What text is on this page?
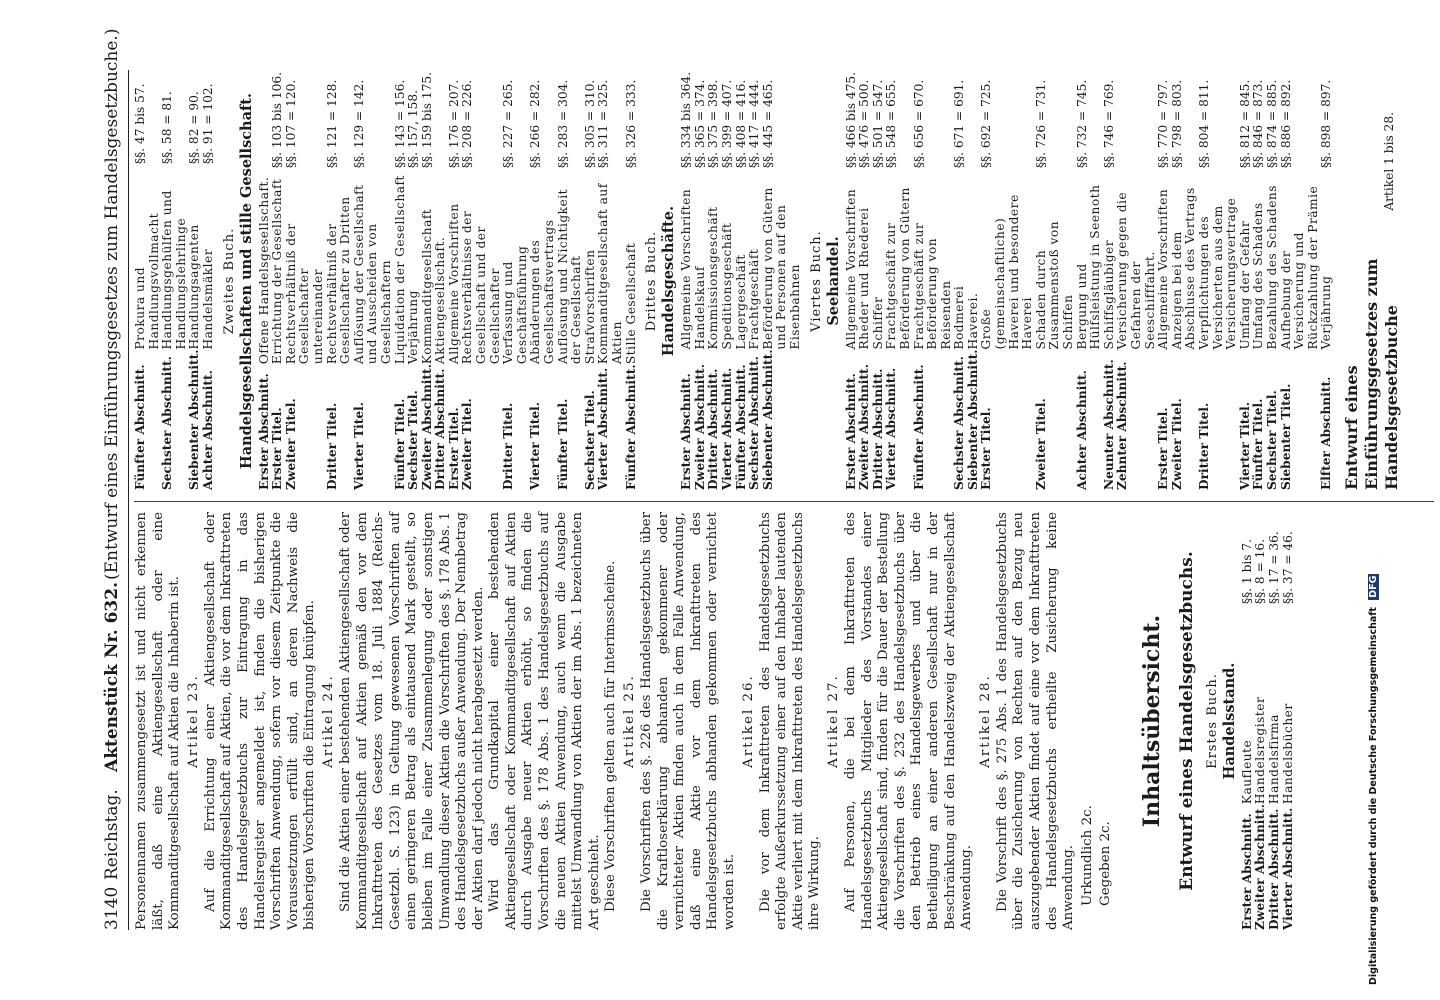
3140
Reichstag.
Aktenstück Nr. 632.
(Entwurf eines Einführungsgesetzes zum Handelsgesetzbuche.)

Personennamen zusammengesetzt ist und nicht erkennen läßt, daß eine Aktiengesellschaft oder eine Kommanditgesellschaft auf Aktien die Inhaberin ist. Artikel 23. Auf die Errichtung einer Aktiengesellschaft oder Kommanditgesellschaft auf Aktien, die vor dem Inkrafttreten des Handelsgesetzbuchs zur Eintragung in das Handelsregister angemeldet ist, finden die bisherigen Vorschriften Anwendung, sofern vor diesem Zeitpunkte die Voraussetzungen erfüllt sind, an deren Nachweis die bisherigen Vorschriften die Eintragung knüpfen. Artikel 24. Sind die Aktien einer bestehenden Aktiengesellschaft oder Kommanditgesellschaft auf Aktien gemäß den vor dem Inkrafttreten des Gesetzes vom 18. Juli 1884 (Reichs-Gesetzbl. S. 123) in Geltung gewesenen Vorschriften auf einen geringeren Betrag als eintausend Mark gestellt, so bleiben im Falle einer Zusammenlegung oder sonstigen Umwandlung dieser Aktien die Vorschriften des §. 178 Abs. 1 des Handelsgesetzbuchs außer Anwendung. Der Nennbetrag der Aktien darf jedoch nicht herabgesetzt werden. Wird das Grundkapital einer bestehenden Aktiengesellschaft oder Kommanditgesellschaft auf Aktien durch Ausgabe neuer Aktien erhöht, so finden die Vorschriften des §. 178 Abs. 1 des Handelsgesetzbuchs auf die neuen Aktien Anwendung, auch wenn die Ausgabe mittelst Umwandlung von Aktien der im Abs. 1 bezeichneten Art geschieht. Diese Vorschriften gelten auch für Interimsscheine. Artikel 25. Die Vorschriften des §. 226 des Handelsgesetzbuchs über die Kraftloserklärung abhanden gekommener oder vernichteter Aktien finden auch in dem Falle Anwendung, daß eine Aktie vor dem Inkrafttreten des Handelsgesetzbuchs abhanden gekommen oder vernichtet worden ist.

Artikel 26. Die vor dem Inkrafttreten des Handelsgesetzbuchs erfolgte Außerkurssetzung einer auf den Inhaber lautenden Aktie verliert mit dem Inkrafttreten des Handelsgesetzbuchs ihre Wirkung.

Artikel 27. Auf Personen, die bei dem Inkrafttreten des Handelsgesetzbuchs Mitglieder des Vorstandes einer Aktiengesellschaft sind, finden für die Dauer der Bestellung die Vorschriften des §. 232 des Handelsgesetzbuchs über den Betrieb eines Handelsgewerbes und über die Betheiligung an einer anderen Gesellschaft nur in der Beschränkung auf den Handelszweig der Aktiengesellschaft Anwendung.

Artikel 28. Die Vorschrift des §. 275 Abs. 1 des Handelsgesetzbuchs über die Zusicherung von Rechten auf den Bezug neu auszugebender Aktien findet auf eine vor dem Inkrafttreten des Handelsgesetzbuchs ertheilte Zusicherung keine Anwendung. Urkundlich 2c. Gegeben 2c.
Inhaltsübersicht. Entwurf eines Handelsgesetzbuchs. Erstes Buch. Handelsstand.
Erster Abschnitt.	Kaufleute	§§. 1 bis 7.
Zweiter Abschnitt.	Handelsregister	§§. 8 = 16.
Dritter Abschnitt.	Handelsfirma	§§. 17 = 36.
Vierter Abschnitt.	Handelsbücher	§§. 37 = 46.
Fünfter Abschnitt.	Prokura und Handlungsvollmacht	§§. 47 bis 57.
Sechster Abschnitt.	Handlungsgehülfen und Handlungslehrlinge	§§. 58 = 81.
Siebenter Abschnitt.	Handlungsagenten	§§. 82 = 90.
Achter Abschnitt.	Handelsmäkler	§§. 91 = 102.
Zweites Buch. Handelsgesellschaften und stille Gesellschaft. Erster Abschnitt.	Offene Handelsgesellschaft.	
Erster Titel.	Errichtung der Gesellschaft	§§. 103 bis 106.
Zweiter Titel.	Rechtsverhältniß der Gesellschafter untereinander	§§. 107 = 120.
Dritter Titel.	Rechtsverhältniß der Gesellschafter zu Dritten	§§. 121 = 128.
Vierter Titel.	Auflösung der Gesellschaft und Ausscheiden von Gesellschaftern	§§. 129 = 142.
Fünfter Titel.	Liquidation der Gesellschaft	§§. 143 = 156.
Sechster Titel.	Verjährung	§§. 157, 158.
Zweiter Abschnitt.	Kommanditgesellschaft	§§. 159 bis 175.
Dritter Abschnitt.	Aktiengesellschaft.	
Erster Titel.	Allgemeine Vorschriften	§§. 176 = 207.
Zweiter Titel.	Rechtsverhältnisse der Gesellschaft und der Gesellschafter	§§. 208 = 226.
Dritter Titel.	Verfassung und Geschäftsführung	§§. 227 = 265.
Vierter Titel.	Abänderungen des Gesellschaftsvertrags	§§. 266 = 282.
Fünfter Titel.	Auflösung und Nichtigkeit der Gesellschaft	§§. 283 = 304.
Sechster Titel.	Strafvorschriften	§§. 305 = 310.
Vierter Abschnitt.	Kommanditgesellschaft auf Aktien	§§. 311 = 325.
Fünfter Abschnitt.	Stille Gesellschaft	§§. 326 = 333.
Drittes Buch. Handelsgeschäfte.
Erster Abschnitt.	Allgemeine Vorschriften	§§. 334 bis 364.
Zweiter Abschnitt.	Handelskauf	§§. 365 = 374.
Dritter Abschnitt.	Kommissionsgeschäft	§§. 375 = 398.
Vierter Abschnitt.	Speditionsgeschäft	§§. 399 = 407.
Fünfter Abschnitt.	Lagergeschäft	§§. 408 = 416.
Sechster Abschnitt.	Frachtgeschäft	§§. 417 = 444.
Siebenter Abschnitt.	Beförderung von Gütern und Personen auf den Eisenbahnen	§§. 445 = 465.
Viertes Buch. Seehandel.
Erster Abschnitt.	Allgemeine Vorschriften	§§. 466 bis 475.
Zweiter Abschnitt.	Rheder und Rhederei	§§. 476 = 500.
Dritter Abschnitt.	Schiffer	§§. 501 = 547.
Vierter Abschnitt.	Frachtgeschäft zur Beförderung von Gütern	§§. 548 = 655.
Fünfter Abschnitt.	Frachtgeschäft zur Beförderung von Reisenden	§§. 656 = 670.
Sechster Abschnitt.	Bodmerei	§§. 671 = 691.
Siebenter Abschnitt.	Haverei.	
Erster Titel.	Große (gemeinschaftliche) Haverei und besondere Haverei	§§. 692 = 725.
Zweiter Titel.	Schaden durch Zusammenstoß von Schiffen	§§. 726 = 731.
Achter Abschnitt.	Bergung und Hülfsleistung in Seenoth	§§. 732 = 745.
Neunter Abschnitt.	Schiffsgläubiger	§§. 746 = 769.
Zehnter Abschnitt.	Versicherung gegen die Gefahren der Seeschifffahrt.	
Erster Titel.	Allgemeine Vorschriften	§§. 770 = 797.
Zweiter Titel.	Anzeigen bei dem Abschlusse des Vertrags	§§. 798 = 803.
Dritter Titel.	Verpflichtungen des Versicherten aus dem Versicherungsvertrage	§§. 804 = 811.
Vierter Titel.	Umfang der Gefahr	§§. 812 = 845.
Fünfter Titel.	Umfang des Schadens	§§. 846 = 873.
Sechster Titel.	Bezahlung des Schadens	§§. 874 = 885.
Siebenter Titel.	Aufhebung der Versicherung und Rückzahlung der Prämie	§§. 886 = 892.
Elfter Abschnitt.	Verjährung	§§. 898 = 897.
Entwurf eines Einführungsgesetzes zum Handelsgesetzbuche
Artikel 1 bis 28.
Digitalisierung gefördert durch die Deutsche Forschungsgemeinschaft DFG
